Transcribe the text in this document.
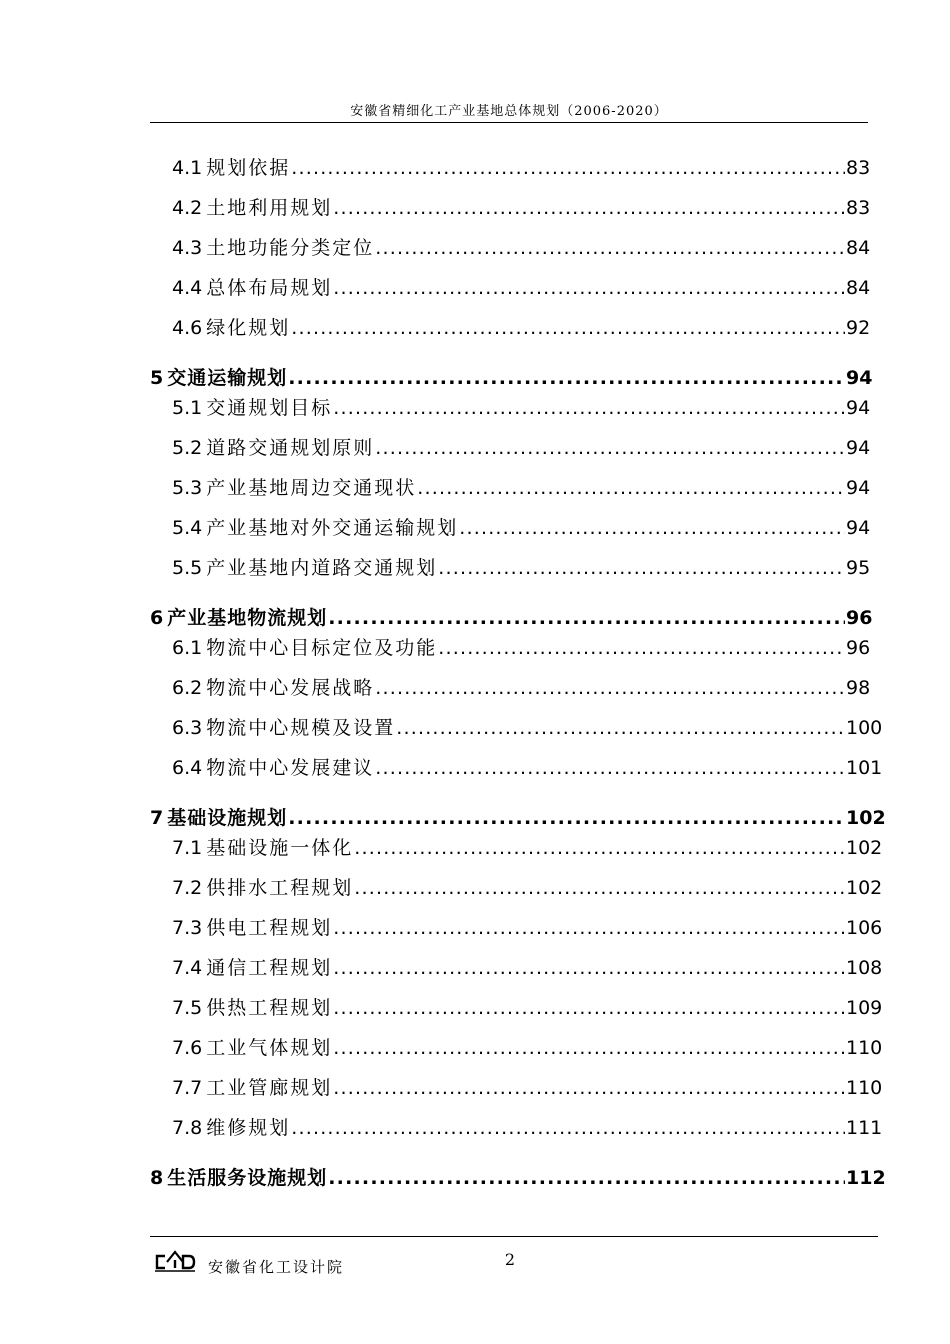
安徽省精细化工产业基地总体规划（2006-2020）
4.1 规划依据 .....	83
4.2 土地利用规划 .....	83
4.3 土地功能分类定位 .....	84
4.4 总体布局规划 .....	84
4.6 绿化规划 .....	92
5 交通运输规划 .....	94
5.1 交通规划目标 .....	94
5.2 道路交通规划原则 .....	94
5.3 产业基地周边交通现状 .....	94
5.4 产业基地对外交通运输规划 .....	94
5.5 产业基地内道路交通规划 .....	95
6 产业基地物流规划 .....	96
6.1 物流中心目标定位及功能 .....	96
6.2 物流中心发展战略 .....	98
6.3 物流中心规模及设置 .....	100
6.4 物流中心发展建议 .....	101
7 基础设施规划 .....	102
7.1 基础设施一体化 .....	102
7.2 供排水工程规划 .....	102
7.3 供电工程规划 .....	106
7.4 通信工程规划 .....	108
7.5 供热工程规划 .....	109
7.6 工业气体规划 .....	110
7.7 工业管廊规划 .....	110
7.8 维修规划 .....	111
8 生活服务设施规划 .....	112
安徽省化工设计院	2
